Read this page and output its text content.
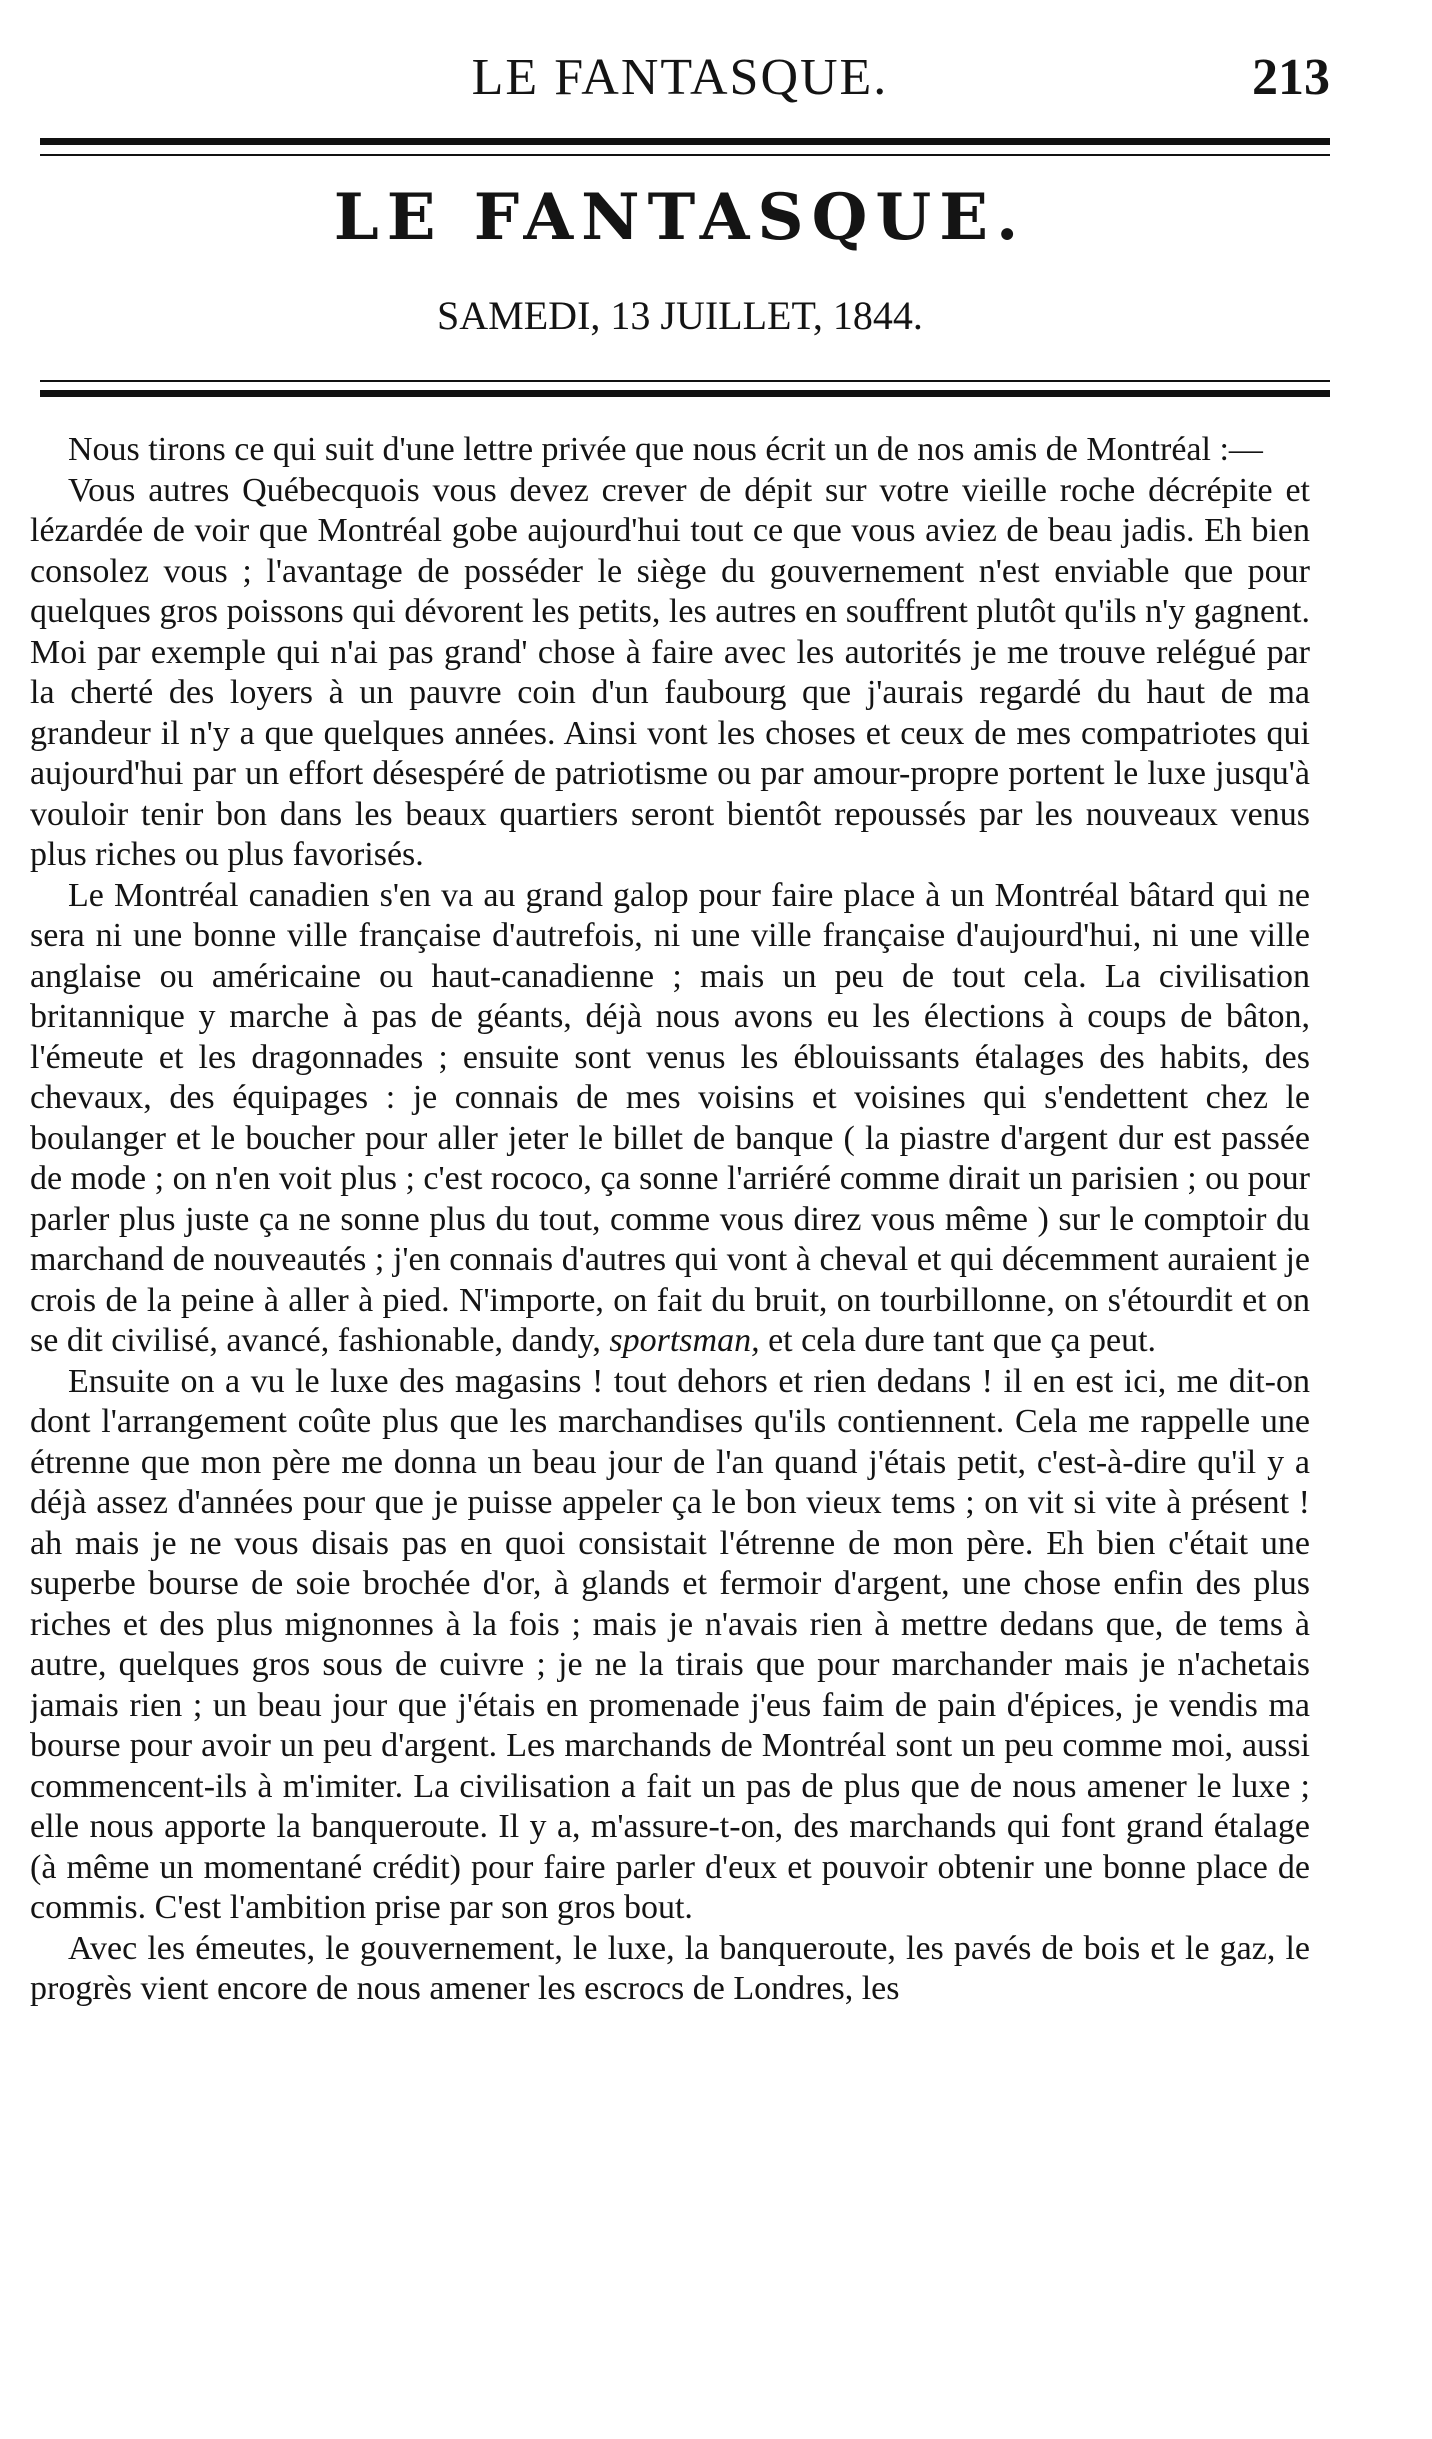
LE FANTASQUE.	213
LE FANTASQUE.
SAMEDI, 13 JUILLET, 1844.

Nous tirons ce qui suit d'une lettre privée que nous écrit un de nos amis de Montréal :—

Vous autres Québecquois vous devez crever de dépit sur votre vieille roche décrépite et lézardée de voir que Montréal gobe aujourd'hui tout ce que vous aviez de beau jadis. Eh bien consolez vous ; l'avantage de posséder le siège du gouvernement n'est enviable que pour quelques gros poissons qui dévorent les petits, les autres en souffrent plutôt qu'ils n'y gagnent. Moi par exemple qui n'ai pas grand' chose à faire avec les autorités je me trouve relégué par la cherté des loyers à un pauvre coin d'un faubourg que j'aurais regardé du haut de ma grandeur il n'y a que quelques années. Ainsi vont les choses et ceux de mes compatriotes qui aujourd'hui par un effort désespéré de patriotisme ou par amour-propre portent le luxe jusqu'à vouloir tenir bon dans les beaux quartiers seront bientôt repoussés par les nouveaux venus plus riches ou plus favorisés.

Le Montréal canadien s'en va au grand galop pour faire place à un Montréal bâtard qui ne sera ni une bonne ville française d'autrefois, ni une ville française d'aujourd'hui, ni une ville anglaise ou américaine ou haut-canadienne ; mais un peu de tout cela. La civilisation britannique y marche à pas de géants, déjà nous avons eu les élections à coups de bâton, l'émeute et les dragonnades ; ensuite sont venus les éblouissants étalages des habits, des chevaux, des équipages : je connais de mes voisins et voisines qui s'endettent chez le boulanger et le boucher pour aller jeter le billet de banque ( la piastre d'argent dur est passée de mode ; on n'en voit plus ; c'est rococo, ça sonne l'arriéré comme dirait un parisien ; ou pour parler plus juste ça ne sonne plus du tout, comme vous direz vous même ) sur le comptoir du marchand de nouveautés ; j'en connais d'autres qui vont à cheval et qui décemment auraient je crois de la peine à aller à pied. N'importe, on fait du bruit, on tourbillonne, on s'étourdit et on se dit civilisé, avancé, fashionable, dandy, sportsman, et cela dure tant que ça peut.

Ensuite on a vu le luxe des magasins ! tout dehors et rien dedans ! il en est ici, me dit-on dont l'arrangement coûte plus que les marchandises qu'ils contiennent. Cela me rappelle une étrenne que mon père me donna un beau jour de l'an quand j'étais petit, c'est-à-dire qu'il y a déjà assez d'années pour que je puisse appeler ça le bon vieux tems ; on vit si vite à présent ! ah mais je ne vous disais pas en quoi consistait l'étrenne de mon père. Eh bien c'était une superbe bourse de soie brochée d'or, à glands et fermoir d'argent, une chose enfin des plus riches et des plus mignonnes à la fois ; mais je n'avais rien à mettre dedans que, de tems à autre, quelques gros sous de cuivre ; je ne la tirais que pour marchander mais je n'achetais jamais rien ; un beau jour que j'étais en promenade j'eus faim de pain d'épices, je vendis ma bourse pour avoir un peu d'argent. Les marchands de Montréal sont un peu comme moi, aussi commencent-ils à m'imiter. La civilisation a fait un pas de plus que de nous amener le luxe ; elle nous apporte la banqueroute. Il y a, m'assure-t-on, des marchands qui font grand étalage (à même un momentané crédit) pour faire parler d'eux et pouvoir obtenir une bonne place de commis. C'est l'ambition prise par son gros bout.

Avec les émeutes, le gouvernement, le luxe, la banqueroute, les pavés de bois et le gaz, le progrès vient encore de nous amener les escrocs de Londres, les
